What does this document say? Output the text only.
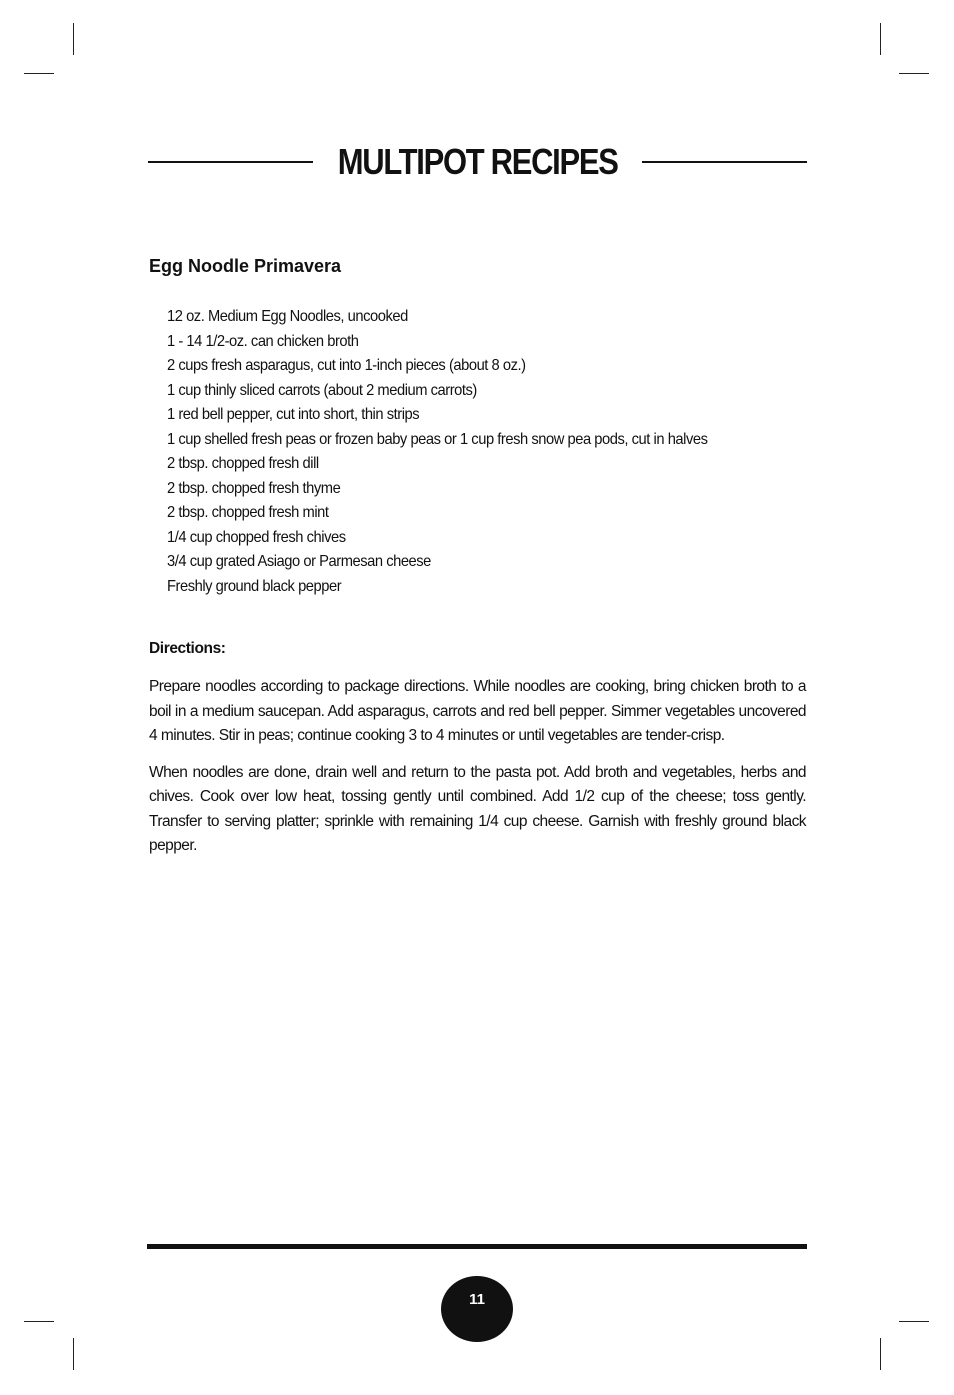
MULTIPOT RECIPES
Egg Noodle Primavera
12 oz. Medium Egg Noodles, uncooked
1 - 14 1/2-oz. can chicken broth
2 cups fresh asparagus, cut into 1-inch pieces (about 8 oz.)
1 cup thinly sliced carrots (about 2 medium carrots)
1 red bell pepper, cut into short, thin strips
1 cup shelled fresh peas or frozen baby peas or 1 cup fresh snow pea pods, cut in halves
2 tbsp. chopped fresh dill
2 tbsp. chopped fresh thyme
2 tbsp. chopped fresh mint
1/4 cup chopped fresh chives
3/4 cup grated Asiago or Parmesan cheese
Freshly ground black pepper
Directions:

Prepare noodles according to package directions. While noodles are cooking, bring chicken broth to a boil in a medium saucepan. Add asparagus, carrots and red bell pepper. Simmer vegetables uncovered 4 minutes. Stir in peas; continue cooking 3 to 4 minutes or until vegetables are tender-crisp.

When noodles are done, drain well and return to the pasta pot. Add broth and vegetables, herbs and chives. Cook over low heat, tossing gently until combined. Add 1/2 cup of the cheese; toss gently. Transfer to serving platter; sprinkle with remaining 1/4 cup cheese. Garnish with freshly ground black pepper.

11
